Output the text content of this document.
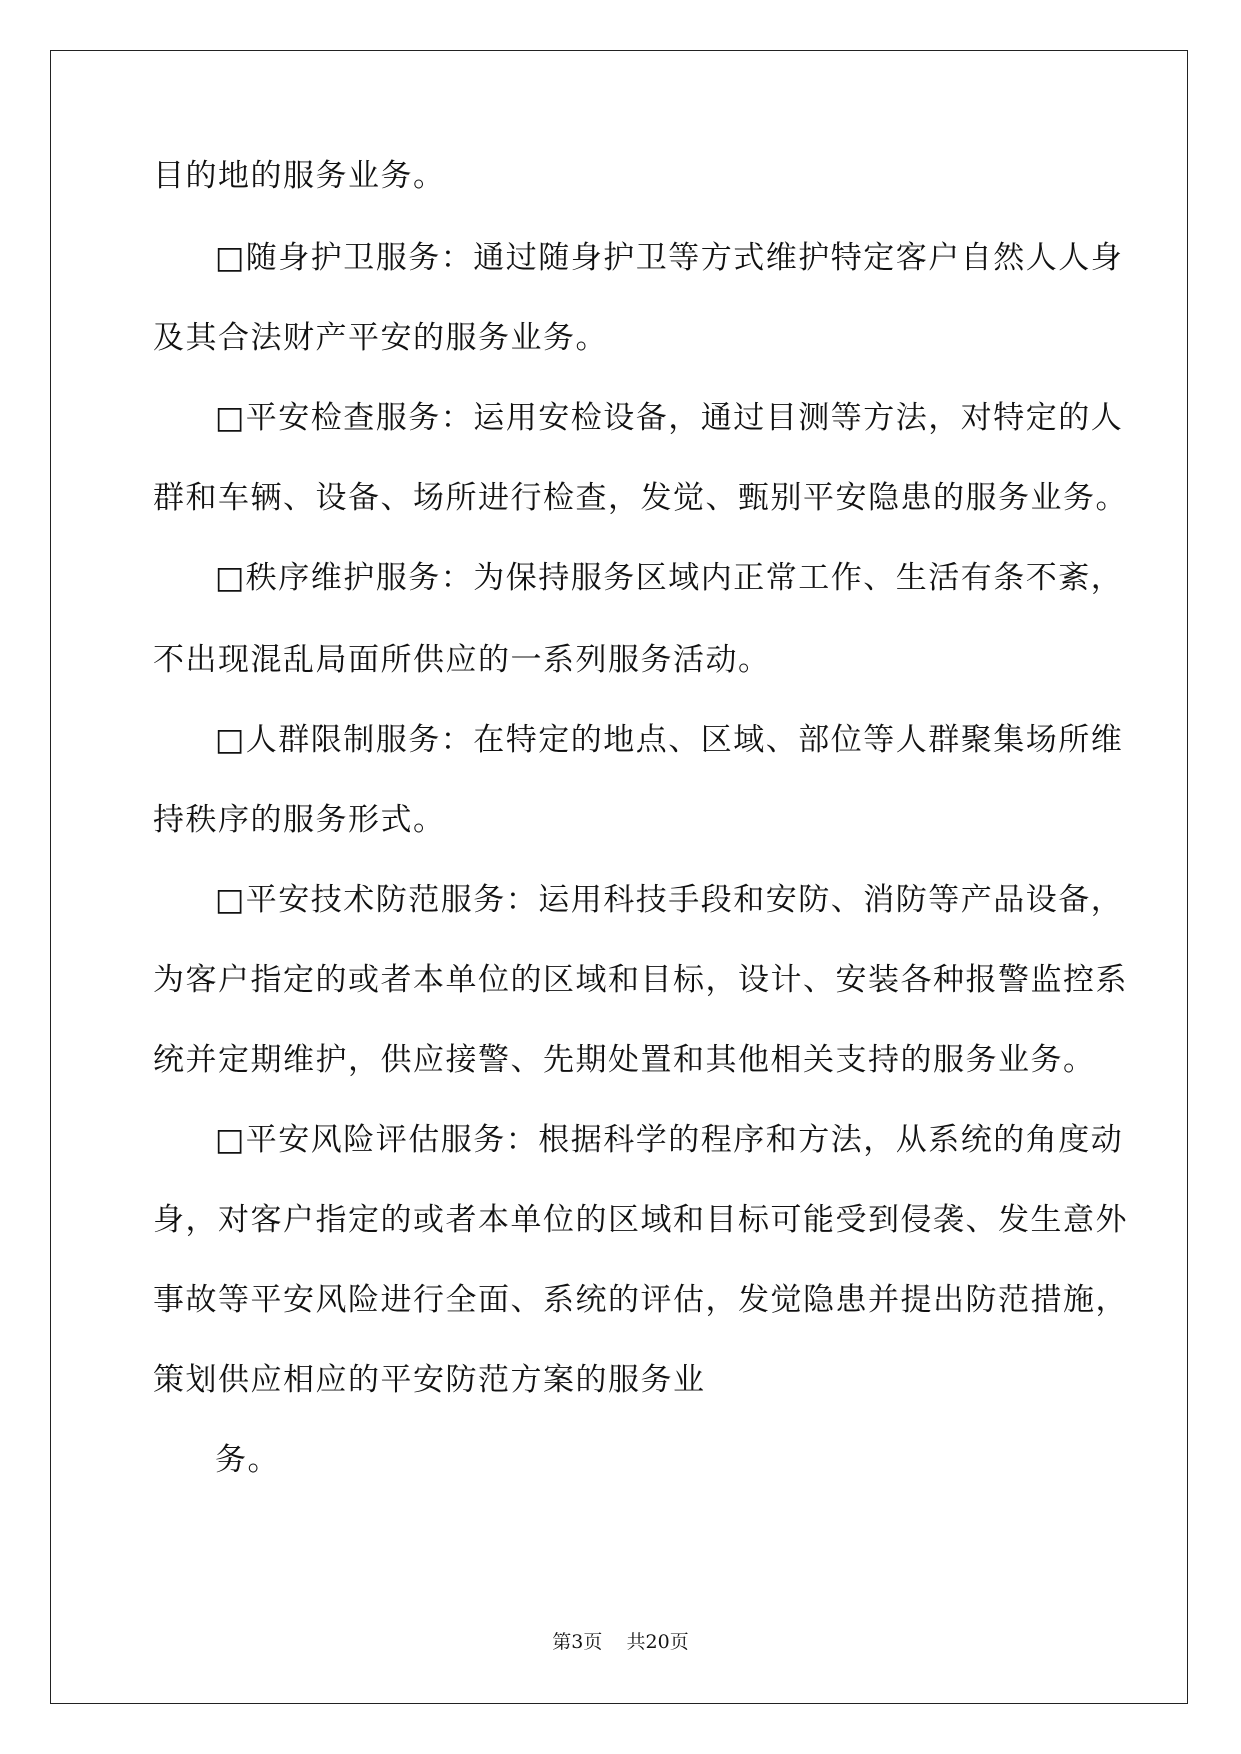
目的地的服务业务。
□随身护卫服务：通过随身护卫等方式维护特定客户自然人人身
及其合法财产平安的服务业务。
□平安检查服务：运用安检设备，通过目测等方法，对特定的人
群和车辆、设备、场所进行检查，发觉、甄别平安隐患的服务业务。
□秩序维护服务：为保持服务区域内正常工作、生活有条不紊，
不出现混乱局面所供应的一系列服务活动。
□人群限制服务：在特定的地点、区域、部位等人群聚集场所维
持秩序的服务形式。
□平安技术防范服务：运用科技手段和安防、消防等产品设备，
为客户指定的或者本单位的区域和目标，设计、安装各种报警监控系
统并定期维护，供应接警、先期处置和其他相关支持的服务业务。
□平安风险评估服务：根据科学的程序和方法，从系统的角度动
身，对客户指定的或者本单位的区域和目标可能受到侵袭、发生意外
事故等平安风险进行全面、系统的评估，发觉隐患并提出防范措施，
策划供应相应的平安防范方案的服务业
务。
第3页    共20页
